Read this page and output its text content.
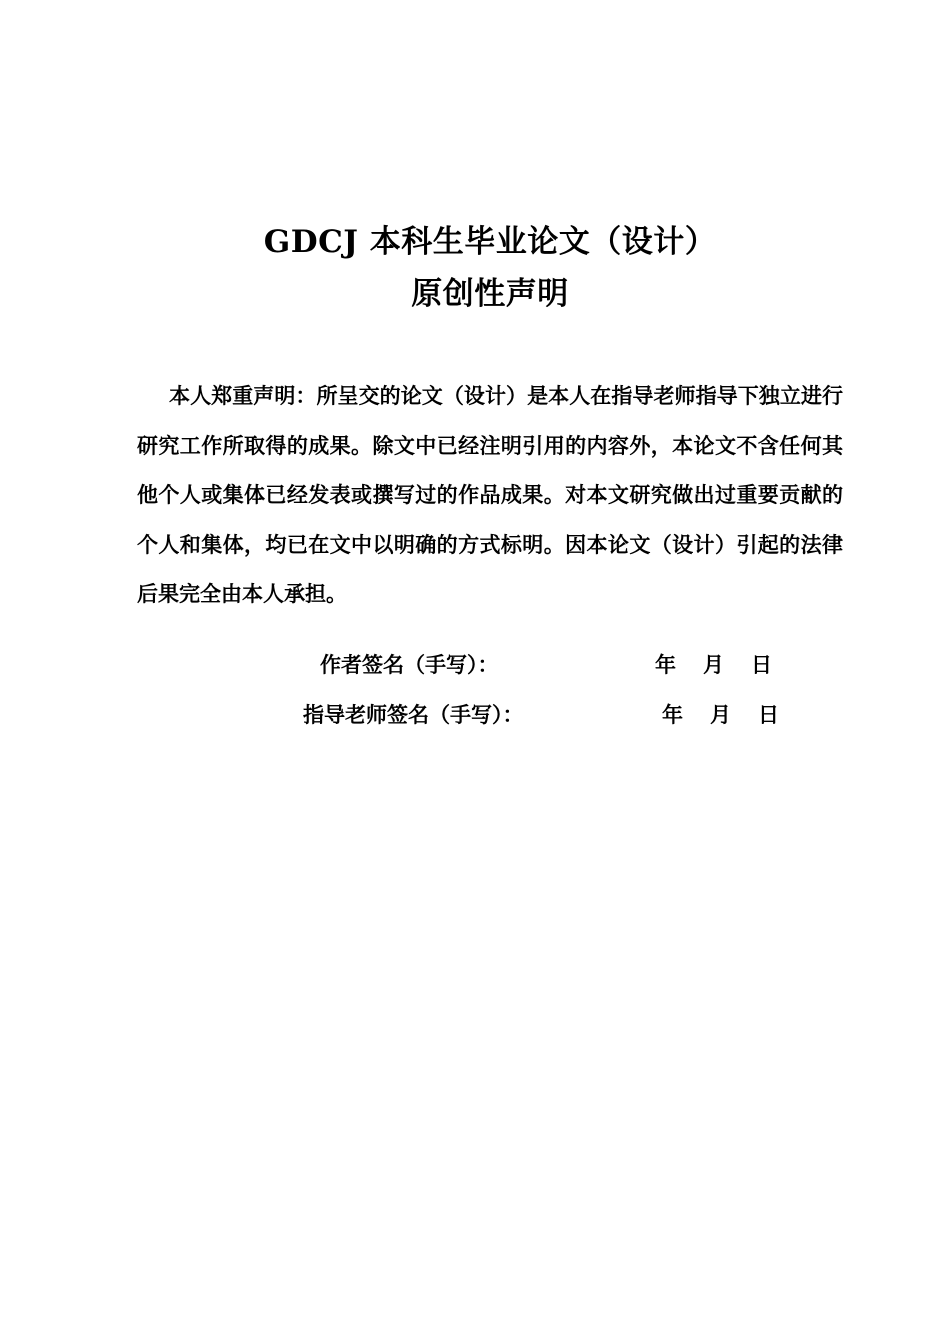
GDCJ 本科生毕业论文（设计）
原创性声明

本人郑重声明：所呈交的论文（设计）是本人在指导老师指导下独立进行研究工作所取得的成果。除文中已经注明引用的内容外，本论文不含任何其他个人或集体已经发表或撰写过的作品成果。对本文研究做出过重要贡献的个人和集体，均已在文中以明确的方式标明。因本论文（设计）引起的法律后果完全由本人承担。

作者签名（手写）：	年 月 日
指导老师签名（手写）：	年 月 日
